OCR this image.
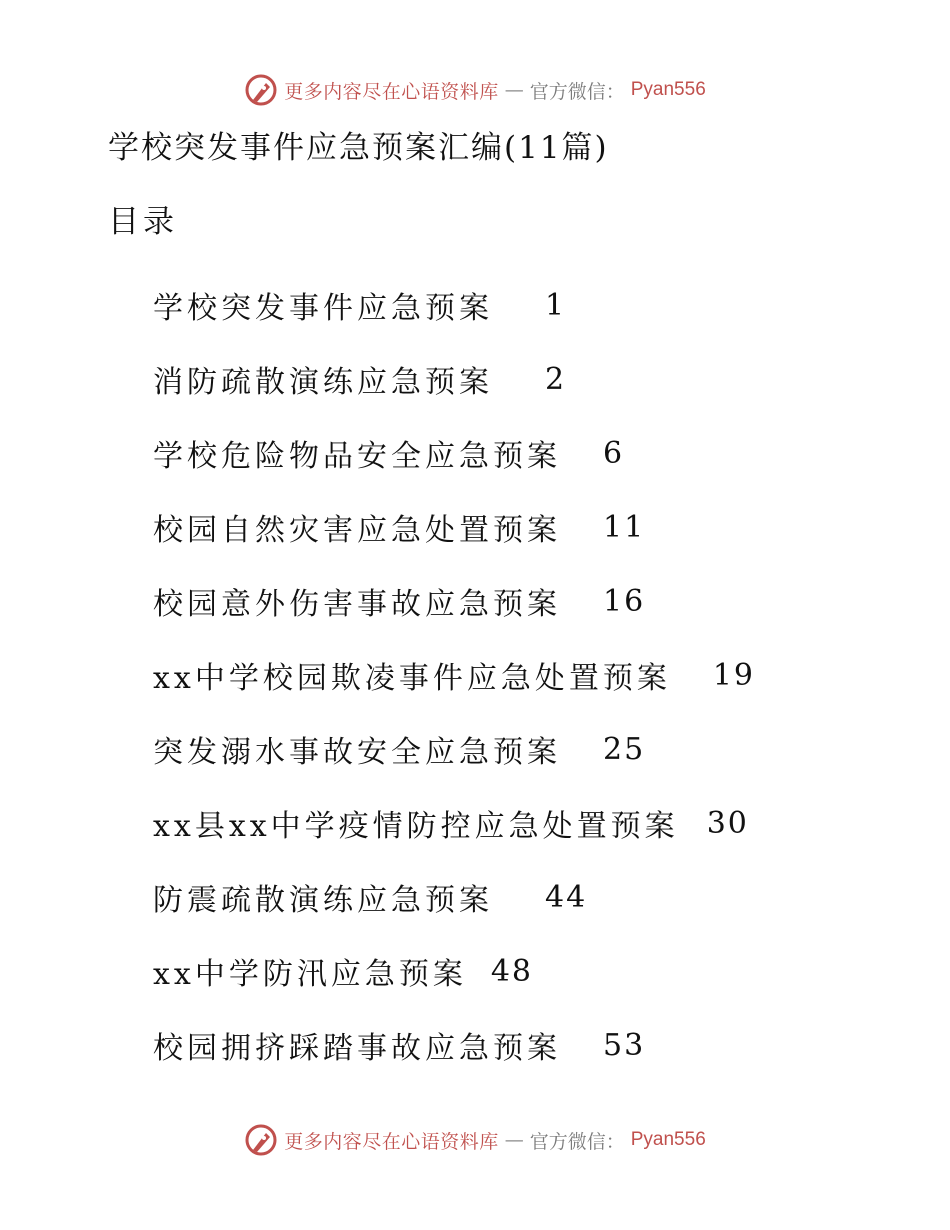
更多内容尽在心语资料库 — 官方微信： Pyan556
学校突发事件应急预案汇编(11篇)
目录
学校突发事件应急预案 1
消防疏散演练应急预案 2
学校危险物品安全应急预案 6
校园自然灾害应急处置预案 11
校园意外伤害事故应急预案 16
xx中学校园欺凌事件应急处置预案 19
突发溺水事故安全应急预案 25
xx县xx中学疫情防控应急处置预案 30
防震疏散演练应急预案 44
xx中学防汛应急预案 48
校园拥挤踩踏事故应急预案 53
更多内容尽在心语资料库 — 官方微信： Pyan556
